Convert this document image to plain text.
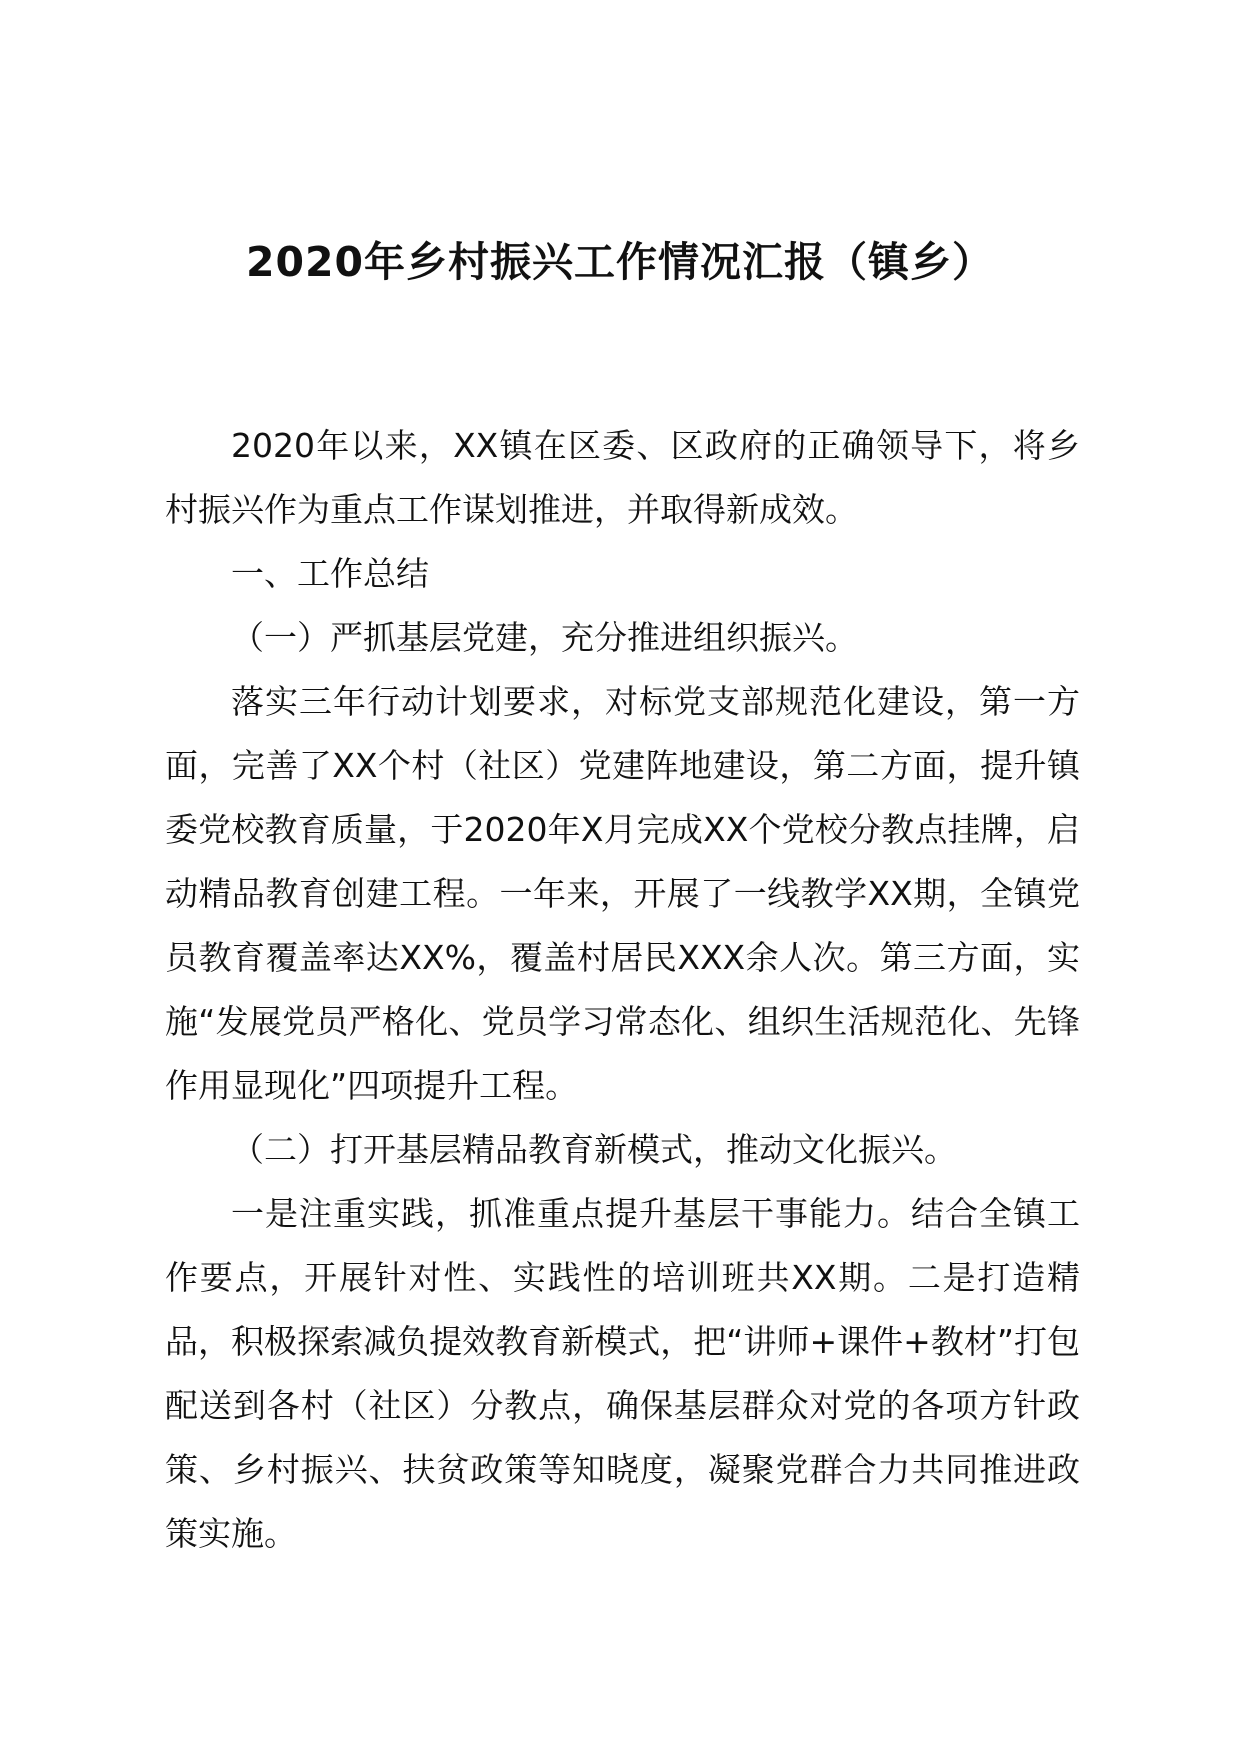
2020年乡村振兴工作情况汇报（镇乡）

2020年以来，XX镇在区委、区政府的正确领导下，将乡村振兴作为重点工作谋划推进，并取得新成效。

一、工作总结

（一）严抓基层党建，充分推进组织振兴。

落实三年行动计划要求，对标党支部规范化建设，第一方面，完善了XX个村（社区）党建阵地建设，第二方面，提升镇委党校教育质量，于2020年X月完成XX个党校分教点挂牌，启动精品教育创建工程。一年来，开展了一线教学XX期，全镇党员教育覆盖率达XX%，覆盖村居民XXX余人次。第三方面，实施“发展党员严格化、党员学习常态化、组织生活规范化、先锋作用显现化”四项提升工程。

（二）打开基层精品教育新模式，推动文化振兴。

一是注重实践，抓准重点提升基层干事能力。结合全镇工作要点，开展针对性、实践性的培训班共XX期。二是打造精品，积极探索减负提效教育新模式，把“讲师+课件+教材”打包配送到各村（社区）分教点，确保基层群众对党的各项方针政策、乡村振兴、扶贫政策等知晓度，凝聚党群合力共同推进政策实施。
